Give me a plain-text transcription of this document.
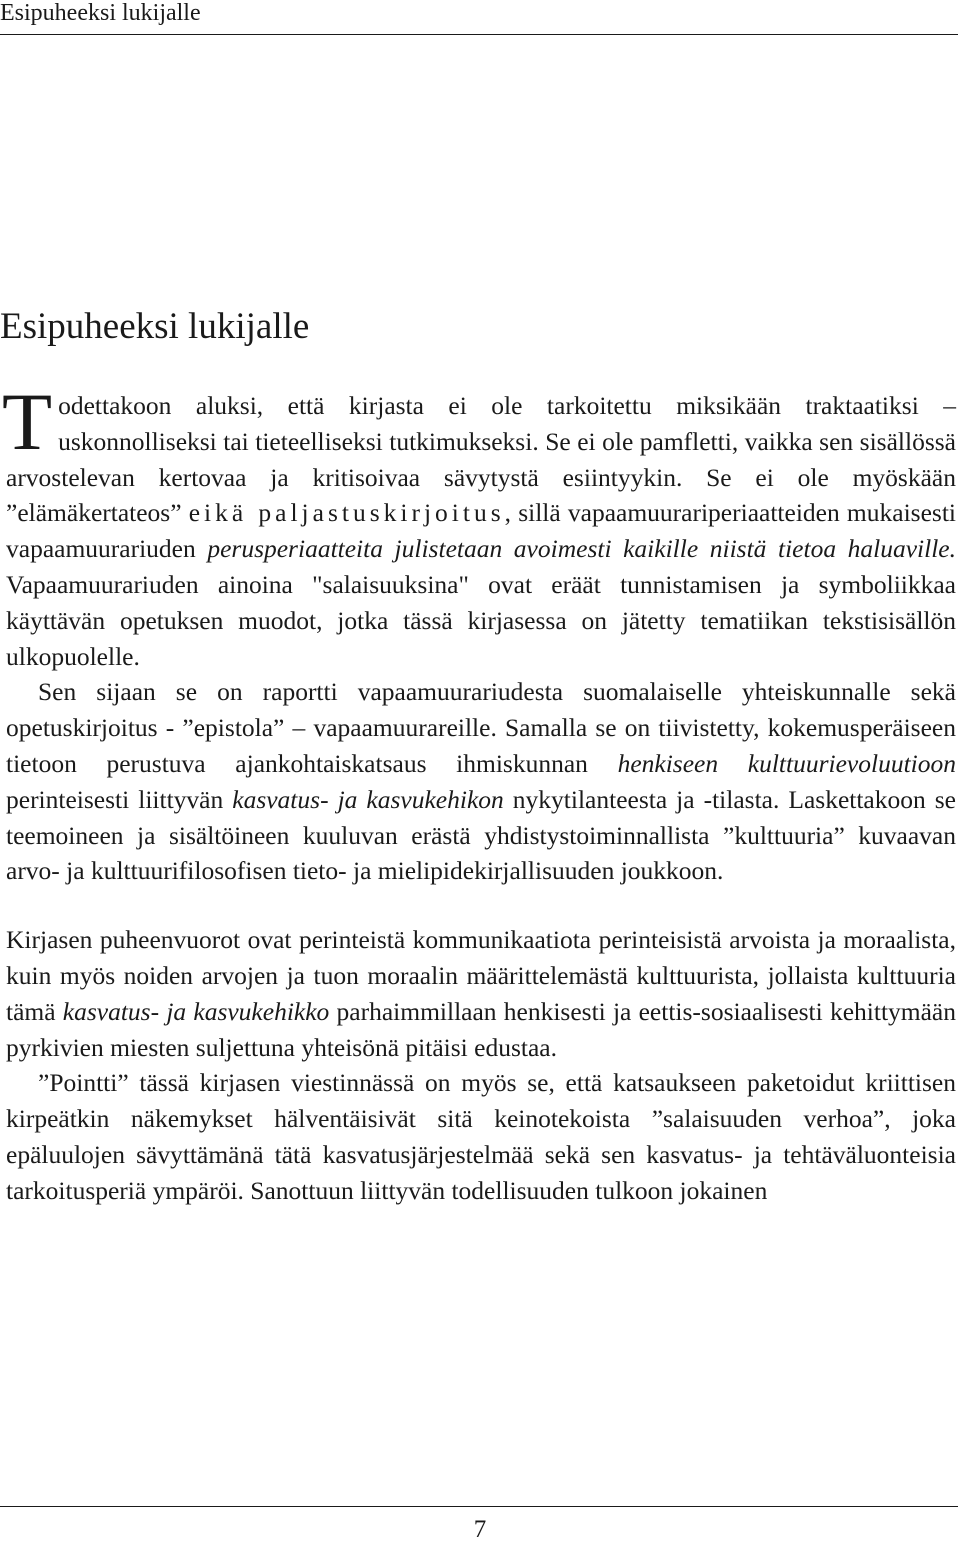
Esipuheeksi lukijalle
Esipuheeksi lukijalle

Todettakoon aluksi, että kirjasta ei ole tarkoitettu miksikään traktaatiksi – uskonnolliseksi tai tieteelliseksi tutkimukseksi. Se ei ole pamfletti, vaikka sen sisällössä arvostelevan kertovaa ja kritisoivaa sävytystä esiintyykin. Se ei ole myöskään ”elämäkertateos” eikä paljastuskirjoitus, sillä vapaamuurariperiaatteiden mukaisesti vapaamuurariuden perusperiaatteita julistetaan avoimesti kaikille niistä tietoa haluaville. Vapaamuurariuden ainoina "salaisuuksina" ovat eräät tunnistamisen ja symboliikkaa käyttävän opetuksen muodot, jotka tässä kirjasessa on jätetty tematiikan tekstisisällön ulkopuolelle.

Sen sijaan se on raportti vapaamuurariudesta suomalaiselle yhteiskunnalle sekä opetuskirjoitus - ”epistola” – vapaamuurareille. Samalla se on tiivistetty, kokemusperäiseen tietoon perustuva ajankohtaiskatsaus ihmiskunnan henkiseen kulttuurievoluutioon perinteisesti liittyvän kasvatus- ja kasvukehikon nykytilanteesta ja -tilasta. Laskettakoon se teemoineen ja sisältöineen kuuluvan erästä yhdistystoiminnallista ”kulttuuria” kuvaavan arvo- ja kulttuurifilosofisen tieto- ja mielipidekirjallisuuden joukkoon.

Kirjasen puheenvuorot ovat perinteistä kommunikaatiota perinteisistä arvoista ja moraalista, kuin myös noiden arvojen ja tuon moraalin määrittelemästä kulttuurista, jollaista kulttuuria tämä kasvatus- ja kasvukehikko parhaimmillaan henkisesti ja eettis-sosiaalisesti kehittymään pyrkivien miesten suljettuna yhteisönä pitäisi edustaa.

”Pointti” tässä kirjasen viestinnässä on myös se, että katsaukseen paketoidut kriittisen kirpeätkin näkemykset hälventäisivät sitä keinotekoista ”salaisuuden verhoa”, joka epäluulojen sävyttämänä tätä kasvatusjärjestelmää sekä sen kasvatus- ja tehtäväluonteisia tarkoitusperiä ympäröi. Sanottuun liittyvän todellisuuden tulkoon jokainen

7
